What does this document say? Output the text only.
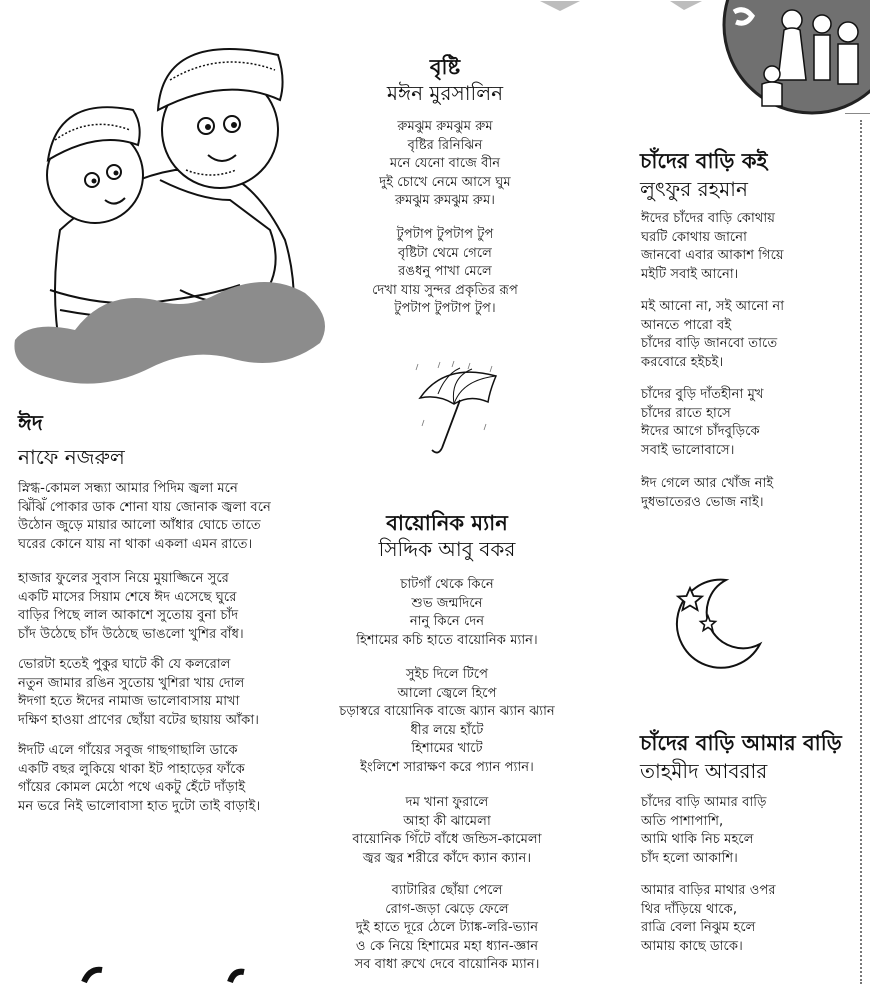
ঈদ
নাফে নজরুল
স্নিগ্ধ-কোমল সন্ধ্যা আমার পিদিম জ্বলা মনে
ঝিঁঝিঁ পোকার ডাক শোনা যায় জোনাক জ্বলা বনে
উঠোন জুড়ে মায়ার আলো আঁধার ঘোচে তাতে
ঘরের কোনে যায় না থাকা একলা এমন রাতে।
হাজার ফুলের সুবাস নিয়ে মুয়াজ্জিনে সুরে
একটি মাসের সিয়াম শেষে ঈদ এসেছে ঘুরে
বাড়ির পিছে লাল আকাশে সুতোয় বুনা চাঁদ
চাঁদ উঠেছে চাঁদ উঠেছে ভাঙলো খুশির বাঁধ।
ভোরটা হতেই পুকুর ঘাটে কী যে কলরোল
নতুন জামার রঙিন সুতোয় খুশিরা খায় দোল
ঈদগা হতে ঈদের নামাজ ভালোবাসায় মাখা
দক্ষিণ হাওয়া প্রাণের ছোঁয়া বটের ছায়ায় আঁকা।
ঈদটি এলে গাঁয়ের সবুজ গাছগাছালি ডাকে
একটি বছর লুকিয়ে থাকা ইট পাহাড়ের ফাঁকে
গাঁয়ের কোমল মেঠো পথে একটু হেঁটে দাঁড়াই
মন ভরে নিই ভালোবাসা হাত দুটো তাই বাড়াই।
বৃষ্টি
মঈন মুরসালিন
রুমঝুম রুমঝুম রুম
বৃষ্টির রিনিঝিন
মনে যেনো বাজে বীন
দুই চোখে নেমে আসে ঘুম
রুমঝুম রুমঝুম রুম।
টুপটাপ টুপটাপ টুপ
বৃষ্টিটা থেমে গেলে
রঙধনু পাখা মেলে
দেখা যায় সুন্দর প্রকৃতির রূপ
টুপটাপ টুপটাপ টুপ।
বায়োনিক ম্যান
সিদ্দিক আবু বকর
চাটগাঁ থেকে কিনে
শুভ জন্মদিনে
নানু কিনে দেন
হিশামের কচি হাতে বায়োনিক ম্যান।
সুইচ দিলে টিপে
আলো জ্বেলে হিপে
চড়াস্বরে বায়োনিক বাজে ঝ্যান ঝ্যান ঝ্যান
ধীর লয়ে হাঁটে
হিশামের খাটে
ইংলিশে সারাক্ষণ করে প্যান প্যান।
দম খানা ফুরালে
আহা কী ঝামেলা
বায়োনিক গিঁটে বাঁধে জন্ডিস-কামেলা
জ্বর জ্বর শরীরে কাঁদে ক্যান ক্যান।
ব্যাটারির ছোঁয়া পেলে
রোগ-জড়া ঝেড়ে ফেলে
দুই হাতে দূরে ঠেলে ট্যাঙ্ক-লরি-ভ্যান
ও কে নিয়ে হিশামের মহা ধ্যান-জ্ঞান
সব বাধা রুখে দেবে বায়োনিক ম্যান।
চাঁদের বাড়ি কই
লুৎফুর রহমান
ঈদের চাঁদের বাড়ি কোথায়
ঘরটি কোথায় জানো
জানবো এবার আকাশ গিয়ে
মইটি সবাই আনো।
মই আনো না, সই আনো না
আনতে পারো বই
চাঁদের বাড়ি জানবো তাতে
করবোরে হইচই।
চাঁদের বুড়ি দাঁতহীনা মুখ
চাঁদের রাতে হাসে
ঈদের আগে চাঁদবুড়িকে
সবাই ভালোবাসে।
ঈদ গেলে আর খোঁজ নাই
দুধভাতেরও ভোজ নাই।
চাঁদের বাড়ি আমার বাড়ি
তাহমীদ আবরার
চাঁদের বাড়ি আমার বাড়ি
অতি পাশাপাশি,
আমি থাকি নিচ মহলে
চাঁদ হলো আকাশি।
আমার বাড়ির মাথার ওপর
থির দাঁড়িয়ে থাকে,
রাত্রি বেলা নিঝুম হলে
আমায় কাছে ডাকে।
